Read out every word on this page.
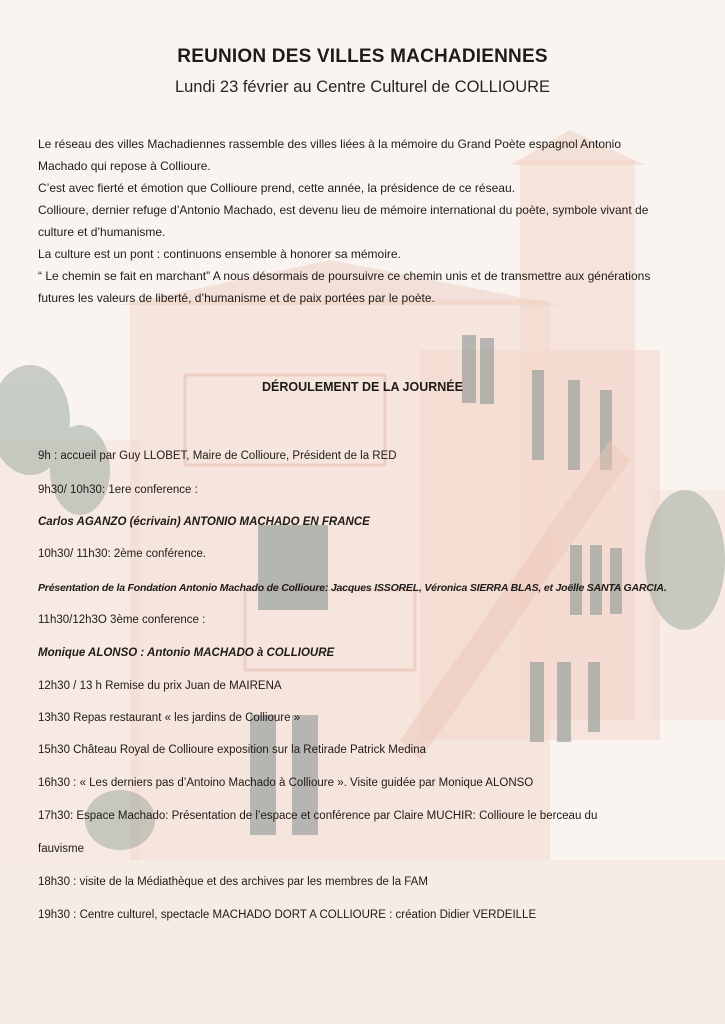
REUNION DES VILLES MACHADIENNES
Lundi 23 février au Centre Culturel de COLLIOURE

Le réseau des villes Machadiennes rassemble des villes liées à la mémoire du Grand Poète espagnol Antonio

Machado qui repose à Collioure.

C’est avec fierté et émotion que Collioure prend, cette année, la présidence de ce réseau.

Collioure, dernier refuge d’Antonio Machado, est devenu lieu de mémoire international du poète, symbole vivant de

culture et d’humanisme.

La culture est un pont : continuons ensemble à honorer sa mémoire.

“ Le chemin se fait en marchant” A nous désormais de poursuivre ce chemin unis et de transmettre aux générations

futures les valeurs de liberté, d’humanisme et de paix portées par le poète.

DÉROULEMENT DE LA JOURNÉE
9h : accueil par Guy LLOBET, Maire de Collioure, Président de la RED
9h30/ 10h30: 1ere conference :
Carlos AGANZO (écrivain) ANTONIO MACHADO EN FRANCE
10h30/ 11h30: 2ème conférence.
Présentation de la Fondation Antonio Machado de Collioure: Jacques ISSOREL, Véronica SIERRA BLAS, et Joëlle SANTA GARCIA.
11h30/12h3O 3ème conference :
Monique ALONSO : Antonio MACHADO à COLLIOURE
12h30 / 13 h Remise du prix Juan de MAIRENA
13h30 Repas restaurant « les jardins de Collioure »
15h30 Château Royal de Collioure exposition sur la Retirade Patrick Medina
16h30 : « Les derniers pas d’Antoino Machado à Collioure ». Visite guidée par Monique ALONSO
17h30: Espace Machado: Présentation de l’espace et conférence par Claire MUCHIR: Collioure le berceau du
fauvisme
18h30 : visite de la Médiathèque et des archives par les membres de la FAM
19h30 : Centre culturel, spectacle MACHADO DORT A COLLIOURE : création Didier VERDEILLE
